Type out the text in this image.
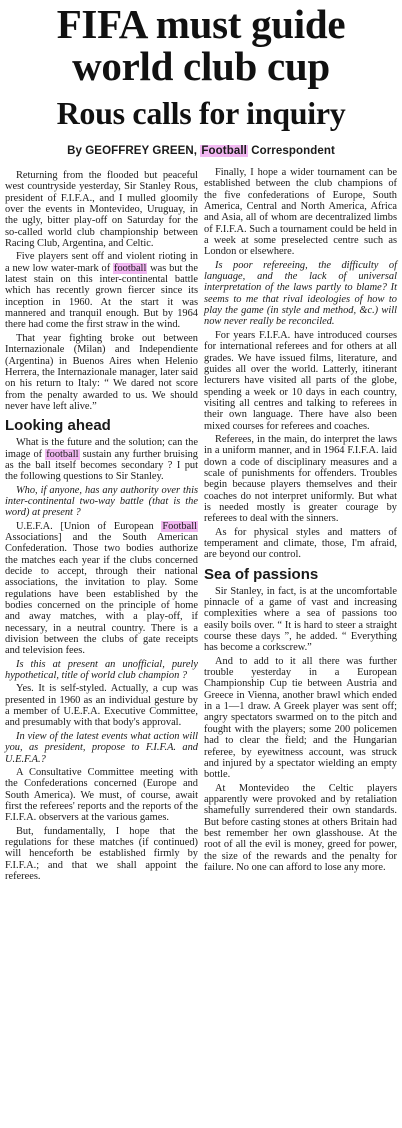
FIFA must guide
world club cup
Rous calls for inquiry
By GEOFFREY GREEN, Football Correspondent

Returning from the flooded but peaceful west countryside yesterday, Sir Stanley Rous, president of F.I.F.A., and I mulled gloomily over the events in Montevideo, Uruguay, in the ugly, bitter play-off on Saturday for the so-called world club championship between Racing Club, Argentina, and Celtic.

Five players sent off and violent rioting in a new low water-mark of football was but the latest stain on this inter-continental battle which has recently grown fiercer since its inception in 1960. At the start it was mannered and tranquil enough. But by 1964 there had come the first straw in the wind.

That year fighting broke out between Internazionale (Milan) and Independiente (Argentina) in Buenos Aires when Helenio Herrera, the Internazionale manager, later said on his return to Italy: “ We dared not score from the penalty awarded to us. We should never have left alive.”

Looking ahead

What is the future and the solution; can the image of football sustain any further bruising as the ball itself becomes secondary ? I put the following questions to Sir Stanley.

Who, if anyone, has any authority over this inter-continental two-way battle (that is the word) at present ?

U.E.F.A. [Union of European Football Associations] and the South American Confederation. Those two bodies authorize the matches each year if the clubs concerned decide to accept, through their national associations, the invitation to play. Some regulations have been established by the bodies concerned on the principle of home and away matches, with a play-off, if necessary, in a neutral country. There is a division between the clubs of gate receipts and television fees.

Is this at present an unofficial, purely hypothetical, title of world club champion ?

Yes. It is self-styled. Actually, a cup was presented in 1960 as an individual gesture by a member of U.E.F.A. Executive Committee, and presumably with that body's approval.

In view of the latest events what action will you, as president, propose to F.I.F.A. and U.E.F.A.?

A Consultative Committee meeting with the Confederations concerned (Europe and South America). We must, of course, await first the referees' reports and the reports of the F.I.F.A. observers at the various games.

But, fundamentally, I hope that the regulations for these matches (if continued) will henceforth be established firmly by F.I.F.A.; and that we shall appoint the referees.

Finally, I hope a wider tournament can be established between the club champions of the five confederations of Europe, South America, Central and North America, Africa and Asia, all of whom are decentralized limbs of F.I.F.A. Such a tournament could be held in a week at some preselected centre such as London or elsewhere.

Is poor refereeing, the difficulty of language, and the lack of universal interpretation of the laws partly to blame? It seems to me that rival ideologies of how to play the game (in style and method, &c.) will now never really be reconciled.

For years F.I.F.A. have introduced courses for international referees and for others at all grades. We have issued films, literature, and guides all over the world. Latterly, itinerant lecturers have visited all parts of the globe, spending a week or 10 days in each country, visiting all centres and talking to referees in their own language. There have also been mixed courses for referees and coaches.

Referees, in the main, do interpret the laws in a uniform manner, and in 1964 F.I.F.A. laid down a code of disciplinary measures and a scale of punishments for offenders. Troubles begin because players themselves and their coaches do not interpret uniformly. But what is needed mostly is greater courage by referees to deal with the sinners.

As for physical styles and matters of temperament and climate, those, I'm afraid, are beyond our control.

Sea of passions

Sir Stanley, in fact, is at the uncomfortable pinnacle of a game of vast and increasing complexities where a sea of passions too easily boils over. “ It is hard to steer a straight course these days ”, he added. “ Everything has become a corkscrew.”

And to add to it all there was further trouble yesterday in a European Championship Cup tie between Austria and Greece in Vienna, another brawl which ended in a 1—1 draw. A Greek player was sent off; angry spectators swarmed on to the pitch and fought with the players; some 200 policemen had to clear the field; and the Hungarian referee, by eyewitness account, was struck and injured by a spectator wielding an empty bottle.

At Montevideo the Celtic players apparently were provoked and by retaliation shamefully surrendered their own standards. But before casting stones at others Britain had best remember her own glasshouse. At the root of all the evil is money, greed for power, the size of the rewards and the penalty for failure. No one can afford to lose any more.
